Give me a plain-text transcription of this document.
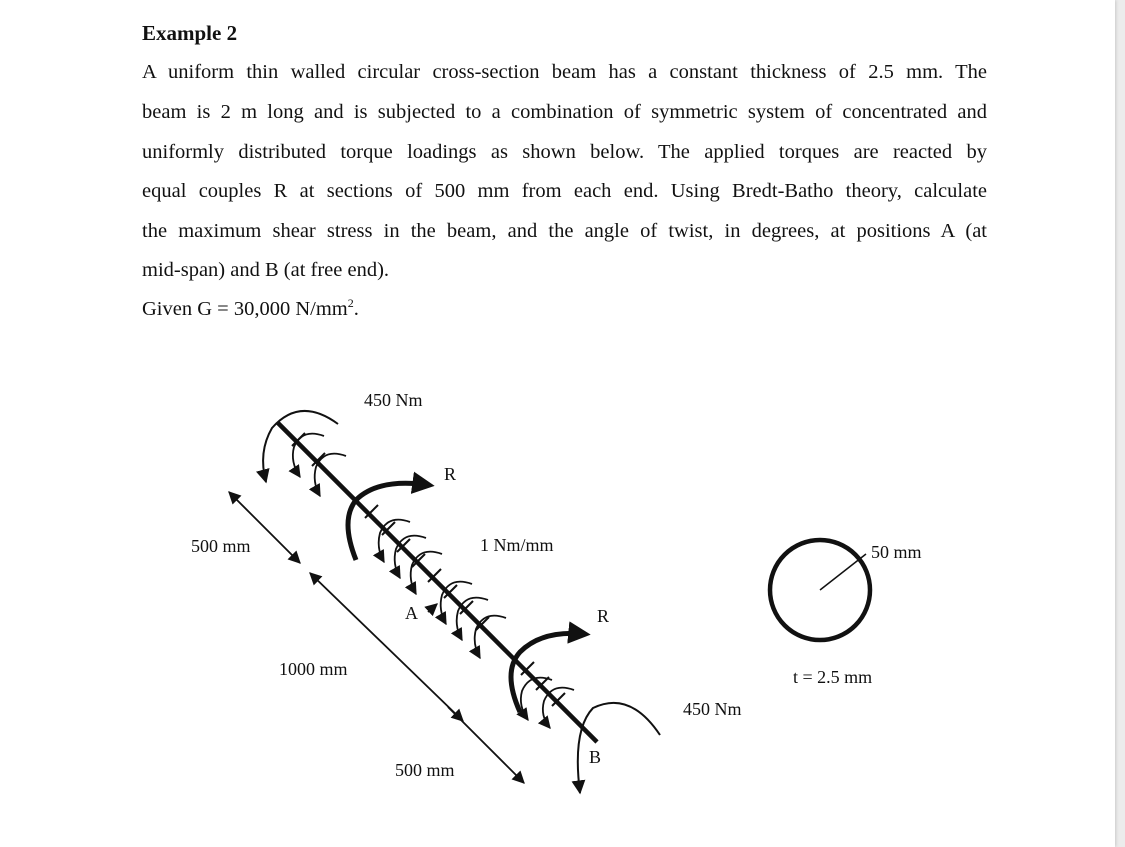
Example 2
A uniform thin walled circular cross-section beam has a constant thickness of 2.5 mm. The
beam is 2 m long and is subjected to a combination of symmetric system of concentrated and
uniformly distributed torque loadings as shown below. The applied torques are reacted by
equal couples R at sections of 500 mm from each end. Using Bredt-Batho theory, calculate
the maximum shear stress in the beam, and the angle of twist, in degrees, at positions A (at
mid-span) and B (at free end).
Given G = 30,000 $N/mm^2$.
450 Nm
R
500 mm	1 Nm/mm
A	R
1000 mm
450 Nm
B
500 mm
50 mm
t = 2.5 mm
